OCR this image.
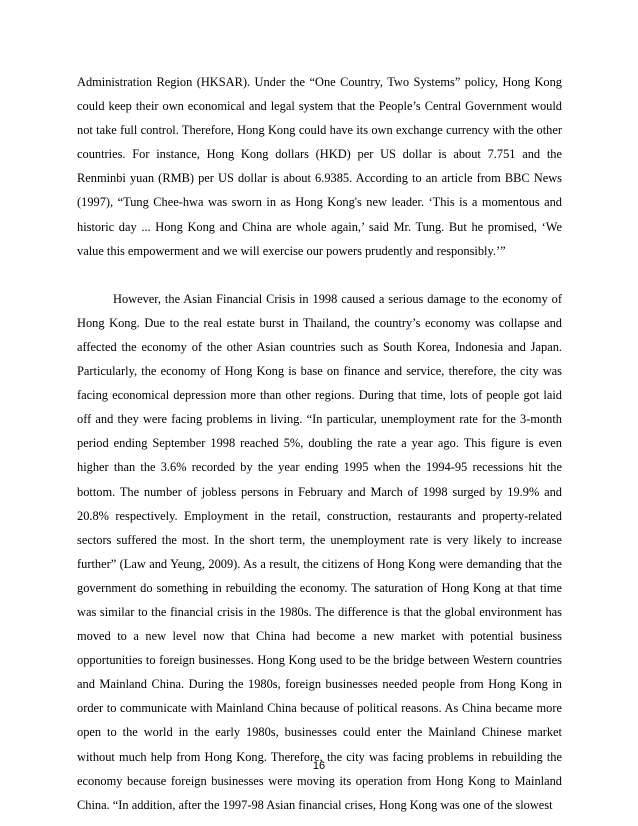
Administration Region (HKSAR). Under the “One Country, Two Systems” policy, Hong Kong could keep their own economical and legal system that the People’s Central Government would not take full control. Therefore, Hong Kong could have its own exchange currency with the other countries. For instance, Hong Kong dollars (HKD) per US dollar is about 7.751 and the Renminbi yuan (RMB) per US dollar is about 6.9385. According to an article from BBC News (1997), “Tung Chee-hwa was sworn in as Hong Kong's new leader. ‘This is a momentous and historic day ... Hong Kong and China are whole again,’ said Mr. Tung. But he promised, ‘We value this empowerment and we will exercise our powers prudently and responsibly.’”

However, the Asian Financial Crisis in 1998 caused a serious damage to the economy of Hong Kong. Due to the real estate burst in Thailand, the country’s economy was collapse and affected the economy of the other Asian countries such as South Korea, Indonesia and Japan. Particularly, the economy of Hong Kong is base on finance and service, therefore, the city was facing economical depression more than other regions. During that time, lots of people got laid off and they were facing problems in living. “In particular, unemployment rate for the 3-month period ending September 1998 reached 5%, doubling the rate a year ago. This figure is even higher than the 3.6% recorded by the year ending 1995 when the 1994-95 recessions hit the bottom. The number of jobless persons in February and March of 1998 surged by 19.9% and 20.8% respectively. Employment in the retail, construction, restaurants and property-related sectors suffered the most. In the short term, the unemployment rate is very likely to increase further” (Law and Yeung, 2009). As a result, the citizens of Hong Kong were demanding that the government do something in rebuilding the economy. The saturation of Hong Kong at that time was similar to the financial crisis in the 1980s. The difference is that the global environment has moved to a new level now that China had become a new market with potential business opportunities to foreign businesses. Hong Kong used to be the bridge between Western countries and Mainland China. During the 1980s, foreign businesses needed people from Hong Kong in order to communicate with Mainland China because of political reasons. As China became more open to the world in the early 1980s, businesses could enter the Mainland Chinese market without much help from Hong Kong. Therefore, the city was facing problems in rebuilding the economy because foreign businesses were moving its operation from Hong Kong to Mainland China. “In addition, after the 1997-98 Asian financial crises, Hong Kong was one of the slowest

16
